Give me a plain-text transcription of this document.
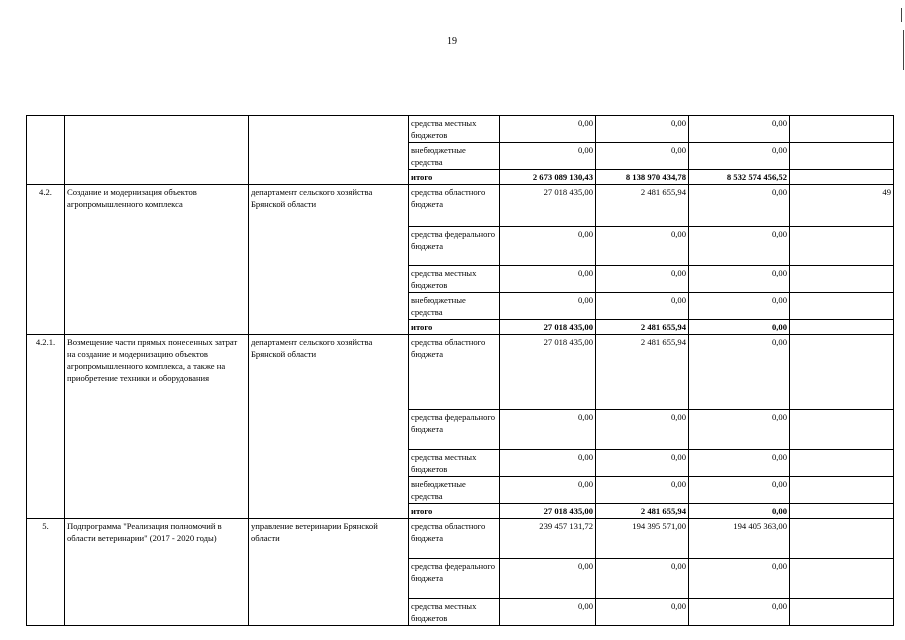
19
			средства местных бюджетов	0,00	0,00	0,00	
			внебюджетные средства	0,00	0,00	0,00	
			итого	2 673 089 130,43	8 138 970 434,78	8 532 574 456,52	
4.2.	Создание и модернизация объектов агропромышленного комплекса	департамент сельского хозяйства Брянской области	средства областного бюджета	27 018 435,00	2 481 655,94	0,00	49
			средства федерального бюджета	0,00	0,00	0,00	
			средства местных бюджетов	0,00	0,00	0,00	
			внебюджетные средства	0,00	0,00	0,00	
			итого	27 018 435,00	2 481 655,94	0,00	
4.2.1.	Возмещение части прямых понесенных затрат на создание и модернизацию объектов агропромышленного комплекса, а также на приобретение техники и оборудования	департамент сельского хозяйства Брянской области	средства областного бюджета	27 018 435,00	2 481 655,94	0,00	
			средства федерального бюджета	0,00	0,00	0,00	
			средства местных бюджетов	0,00	0,00	0,00	
			внебюджетные средства	0,00	0,00	0,00	
			итого	27 018 435,00	2 481 655,94	0,00	
5.	Подпрограмма "Реализация полномочий в области ветеринарии" (2017 - 2020 годы)	управление ветеринарии Брянской области	средства областного бюджета	239 457 131,72	194 395 571,00	194 405 363,00	
			средства федерального бюджета	0,00	0,00	0,00	
			средства местных бюджетов	0,00	0,00	0,00	
